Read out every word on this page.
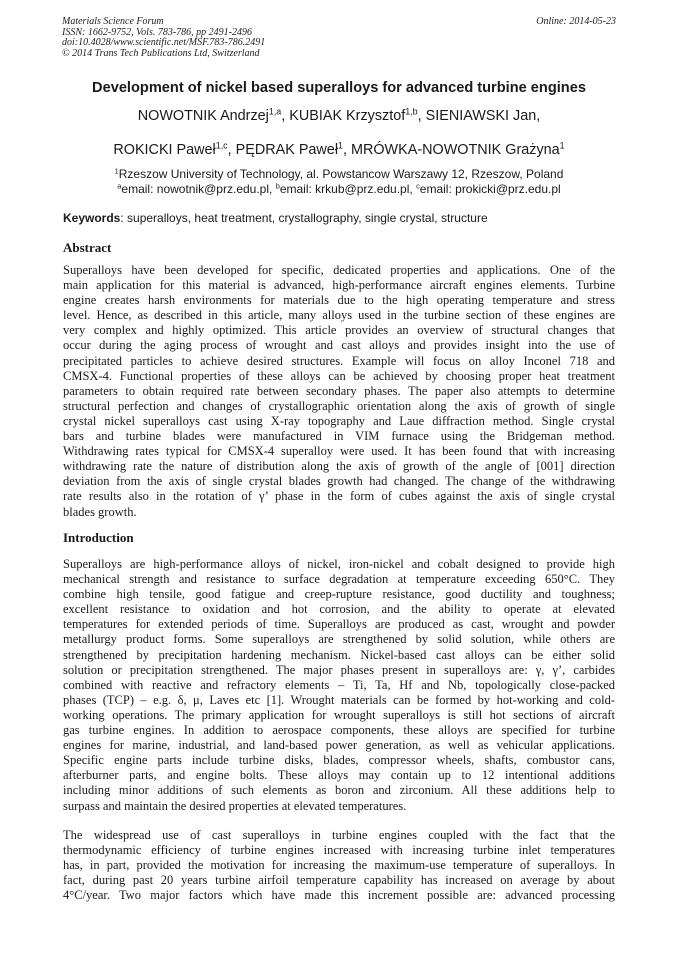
Materials Science Forum
ISSN: 1662-9752, Vols. 783-786, pp 2491-2496
doi:10.4028/www.scientific.net/MSF.783-786.2491
© 2014 Trans Tech Publications Ltd, Switzerland
Online: 2014-05-23
Development of nickel based superalloys for advanced turbine engines
NOWOTNIK Andrzej$^{1,a}$, KUBIAK Krzysztof$^{1,b}$, SIENIAWSKI Jan,
ROKICKI Paweł$^{1,c}$, PĘDRAK Paweł$^1$, MRÓWKA-NOWOTNIK Grażyna$^1$
$^1$Rzeszow University of Technology, al. Powstancow Warszawy 12, Rzeszow, Poland
$^a$email: nowotnik@prz.edu.pl, $^b$email: krkub@prz.edu.pl, $^c$email: prokicki@prz.edu.pl
Keywords: superalloys, heat treatment, crystallography, single crystal, structure
Abstract
Superalloys have been developed for specific, dedicated properties and applications. One of the
main application for this material is advanced, high-performance aircraft engines elements. Turbine
engine creates harsh environments for materials due to the high operating temperature and stress
level. Hence, as described in this article, many alloys used in the turbine section of these engines are
very complex and highly optimized. This article provides an overview of structural changes that
occur during the aging process of wrought and cast alloys and provides insight into the use of
precipitated particles to achieve desired structures. Example will focus on alloy Inconel 718 and
CMSX-4. Functional properties of these alloys can be achieved by choosing proper heat treatment
parameters to obtain required rate between secondary phases. The paper also attempts to determine
structural perfection and changes of crystallographic orientation along the axis of growth of single
crystal nickel superalloys cast using X-ray topography and Laue diffraction method. Single crystal
bars and turbine blades were manufactured in VIM furnace using the Bridgeman method.
Withdrawing rates typical for CMSX-4 superalloy were used. It has been found that with increasing
withdrawing rate the nature of distribution along the axis of growth of the angle of [001] direction
deviation from the axis of single crystal blades growth had changed. The change of the withdrawing
rate results also in the rotation of γ’ phase in the form of cubes against the axis of single crystal
blades growth.
Introduction
Superalloys are high-performance alloys of nickel, iron-nickel and cobalt designed to provide high
mechanical strength and resistance to surface degradation at temperature exceeding 650°C. They
combine high tensile, good fatigue and creep-rupture resistance, good ductility and toughness;
excellent resistance to oxidation and hot corrosion, and the ability to operate at elevated
temperatures for extended periods of time. Superalloys are produced as cast, wrought and powder
metallurgy product forms. Some superalloys are strengthened by solid solution, while others are
strengthened by precipitation hardening mechanism. Nickel-based cast alloys can be either solid
solution or precipitation strengthened. The major phases present in superalloys are: γ, γ’, carbides
combined with reactive and refractory elements – Ti, Ta, Hf and Nb, topologically close-packed
phases (TCP) – e.g. δ, μ, Laves etc [1]. Wrought materials can be formed by hot-working and cold-
working operations. The primary application for wrought superalloys is still hot sections of aircraft
gas turbine engines. In addition to aerospace components, these alloys are specified for turbine
engines for marine, industrial, and land-based power generation, as well as vehicular applications.
Specific engine parts include turbine disks, blades, compressor wheels, shafts, combustor cans,
afterburner parts, and engine bolts. These alloys may contain up to 12 intentional additions
including minor additions of such elements as boron and zirconium. All these additions help to
surpass and maintain the desired properties at elevated temperatures.
The widespread use of cast superalloys in turbine engines coupled with the fact that the
thermodynamic efficiency of turbine engines increased with increasing turbine inlet temperatures
has, in part, provided the motivation for increasing the maximum-use temperature of superalloys. In
fact, during past 20 years turbine airfoil temperature capability has increased on average by about
4°C/year. Two major factors which have made this increment possible are: advanced processing
